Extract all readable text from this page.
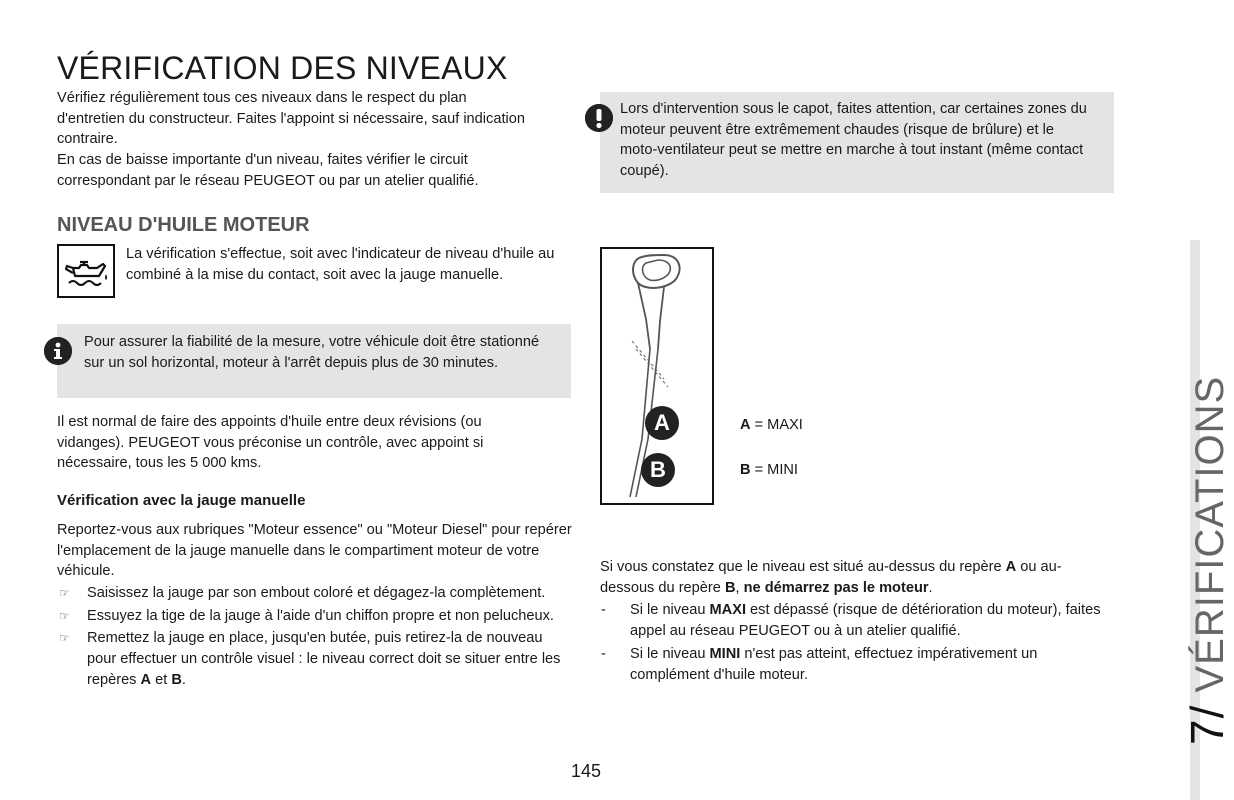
VÉRIFICATION DES NIVEAUX

Vérifiez régulièrement tous ces niveaux dans le respect du plan d'entretien du constructeur. Faites l'appoint si nécessaire, sauf indication contraire.

En cas de baisse importante d'un niveau, faites vérifier le circuit correspondant par le réseau PEUGEOT ou par un atelier qualifié.

NIVEAU D'HUILE MOTEUR

La vérification s'effectue, soit avec l'indicateur de niveau d'huile au combiné à la mise du contact, soit avec la jauge manuelle.

Pour assurer la fiabilité de la mesure, votre véhicule doit être stationné sur un sol horizontal, moteur à l'arrêt depuis plus de 30 minutes.

Il est normal de faire des appoints d'huile entre deux révisions (ou vidanges). PEUGEOT vous préconise un contrôle, avec appoint si nécessaire, tous les 5 000 kms.

Vérification avec la jauge manuelle

Reportez-vous aux rubriques "Moteur essence" ou "Moteur Diesel" pour repérer l'emplacement de la jauge manuelle dans le compartiment moteur de votre véhicule.

☞ Saisissez la jauge par son embout coloré et dégagez-la complètement.
☞ Essuyez la tige de la jauge à l'aide d'un chiffon propre et non pelucheux.
☞ Remettez la jauge en place, jusqu'en butée, puis retirez-la de nouveau pour effectuer un contrôle visuel : le niveau correct doit se situer entre les repères A et B.

Lors d'intervention sous le capot, faites attention, car certaines zones du moteur peuvent être extrêmement chaudes (risque de brûlure) et le moto-ventilateur peut se mettre en marche à tout instant (même contact coupé).

A
B
A = MAXI
B = MINI

Si vous constatez que le niveau est situé au-dessus du repère A ou au-dessous du repère B, ne démarrez pas le moteur.

- Si le niveau MAXI est dépassé (risque de détérioration du moteur), faites appel au réseau PEUGEOT ou à un atelier qualifié.
- Si le niveau MINI n'est pas atteint, effectuez impérativement un complément d'huile moteur.
7/ VÉRIFICATIONS
145
